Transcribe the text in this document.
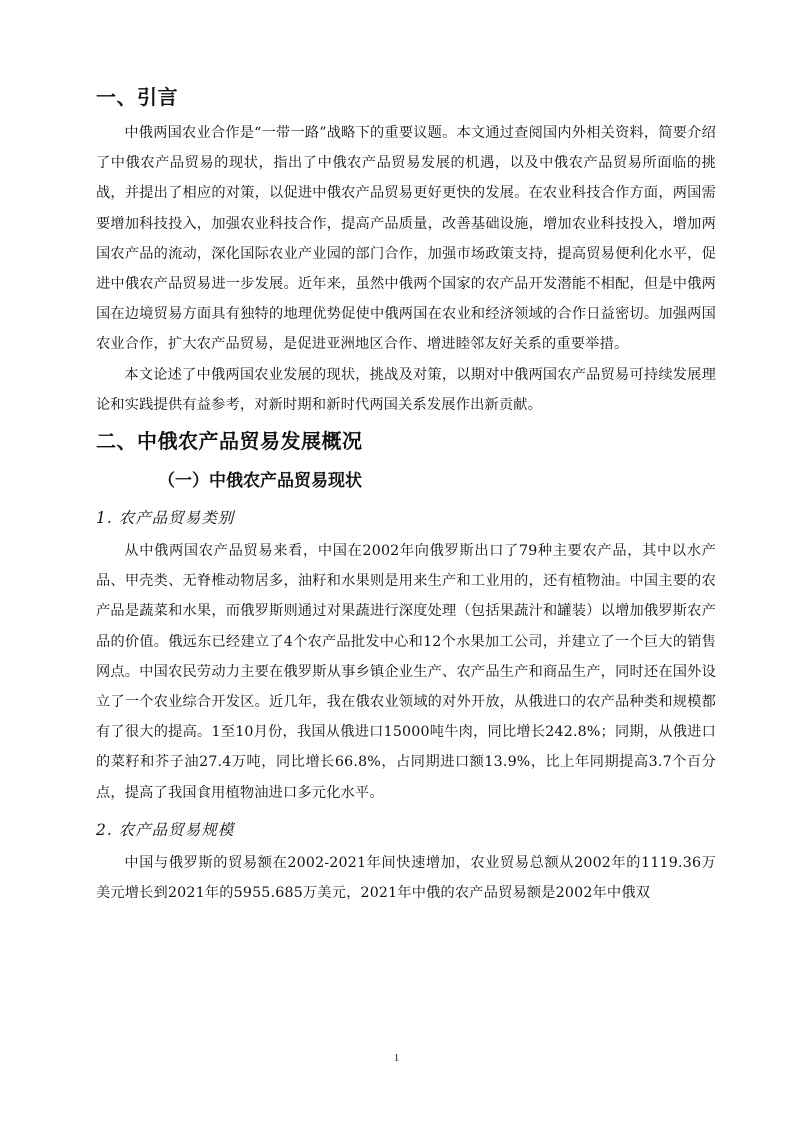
一、引言

中俄两国农业合作是“一带一路”战略下的重要议题。本文通过查阅国内外相关资料，简要介绍了中俄农产品贸易的现状，指出了中俄农产品贸易发展的机遇，以及中俄农产品贸易所面临的挑战，并提出了相应的对策，以促进中俄农产品贸易更好更快的发展。在农业科技合作方面，两国需要增加科技投入，加强农业科技合作，提高产品质量，改善基础设施，增加农业科技投入，增加两国农产品的流动，深化国际农业产业园的部门合作，加强市场政策支持，提高贸易便利化水平，促进中俄农产品贸易进一步发展。近年来，虽然中俄两个国家的农产品开发潜能不相配，但是中俄两国在边境贸易方面具有独特的地理优势促使中俄两国在农业和经济领域的合作日益密切。加强两国农业合作，扩大农产品贸易，是促进亚洲地区合作、增进睦邻友好关系的重要举措。

本文论述了中俄两国农业发展的现状，挑战及对策，以期对中俄两国农产品贸易可持续发展理论和实践提供有益参考，对新时期和新时代两国关系发展作出新贡献。

二、中俄农产品贸易发展概况
（一）中俄农产品贸易现状
1. 农产品贸易类别

从中俄两国农产品贸易来看，中国在2002年向俄罗斯出口了79种主要农产品，其中以水产品、甲壳类、无脊椎动物居多，油籽和水果则是用来生产和工业用的，还有植物油。中国主要的农产品是蔬菜和水果，而俄罗斯则通过对果蔬进行深度处理（包括果蔬汁和罐装）以增加俄罗斯农产品的价值。俄远东已经建立了4个农产品批发中心和12个水果加工公司，并建立了一个巨大的销售网点。中国农民劳动力主要在俄罗斯从事乡镇企业生产、农产品生产和商品生产，同时还在国外设立了一个农业综合开发区。近几年，我在俄农业领域的对外开放，从俄进口的农产品种类和规模都有了很大的提高。1至10月份，我国从俄进口15000吨牛肉，同比增长242.8%；同期，从俄进口的菜籽和芥子油27.4万吨，同比增长66.8%，占同期进口额13.9%，比上年同期提高3.7个百分点，提高了我国食用植物油进口多元化水平。

2. 农产品贸易规模

中国与俄罗斯的贸易额在2002-2021年间快速增加，农业贸易总额从2002年的1119.36万美元增长到2021年的5955.685万美元，2021年中俄的农产品贸易额是2002年中俄双

1
